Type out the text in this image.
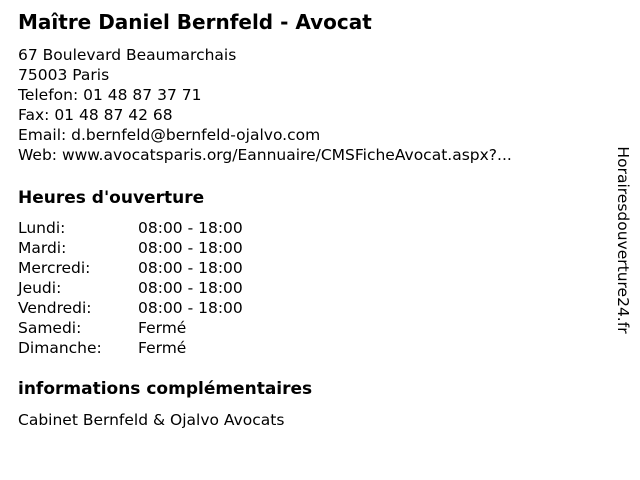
Maître Daniel Bernfeld - Avocat
67 Boulevard Beaumarchais
75003 Paris
Telefon: 01 48 87 37 71
Fax: 01 48 87 42 68
Email: d.bernfeld@bernfeld-ojalvo.com
Web: www.avocatsparis.org/Eannuaire/CMSFicheAvocat.aspx?...
Heures d'ouverture
Lundi:	08:00 - 18:00
Mardi:	08:00 - 18:00
Mercredi:	08:00 - 18:00
Jeudi:	08:00 - 18:00
Vendredi:	08:00 - 18:00
Samedi:	Fermé
Dimanche:	Fermé
informations complémentaires
Cabinet Bernfeld & Ojalvo Avocats
Horairesdouverture24.fr
